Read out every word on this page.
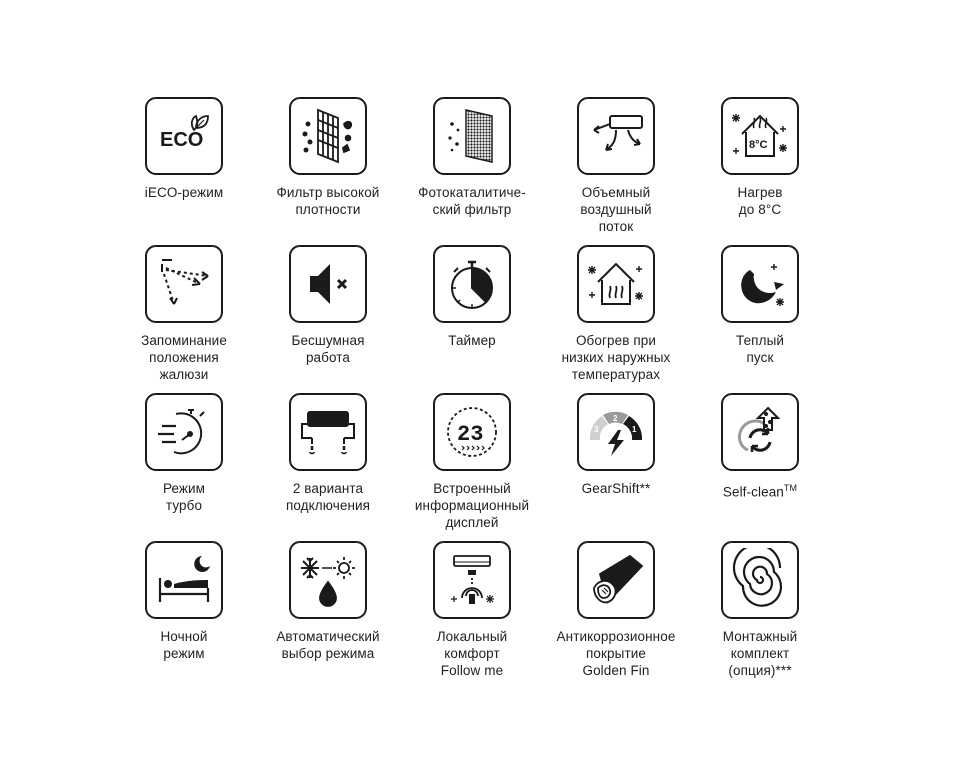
ECO
iECO-режим	Фильтр высокой
плотности
Фотокаталитиче-
ский фильтр
Объемный
воздушный
поток
8°C
Нагрев
до 8°C
Запоминание
положения
жалюзи
Бесшумная
работа
Таймер	Обогрев при
низких наружных
температурах
Теплый
пуск
Режим
турбо
2 варианта
подключения
23
Встроенный
информационный
дисплей
3
2
1
GearShift**	Self-clean™
Ночной
режим
Автоматический
выбор режима
Локальный
комфорт
Follow me
Антикоррозионное
покрытие
Golden Fin
Монтажный
комплект
(опция)***
